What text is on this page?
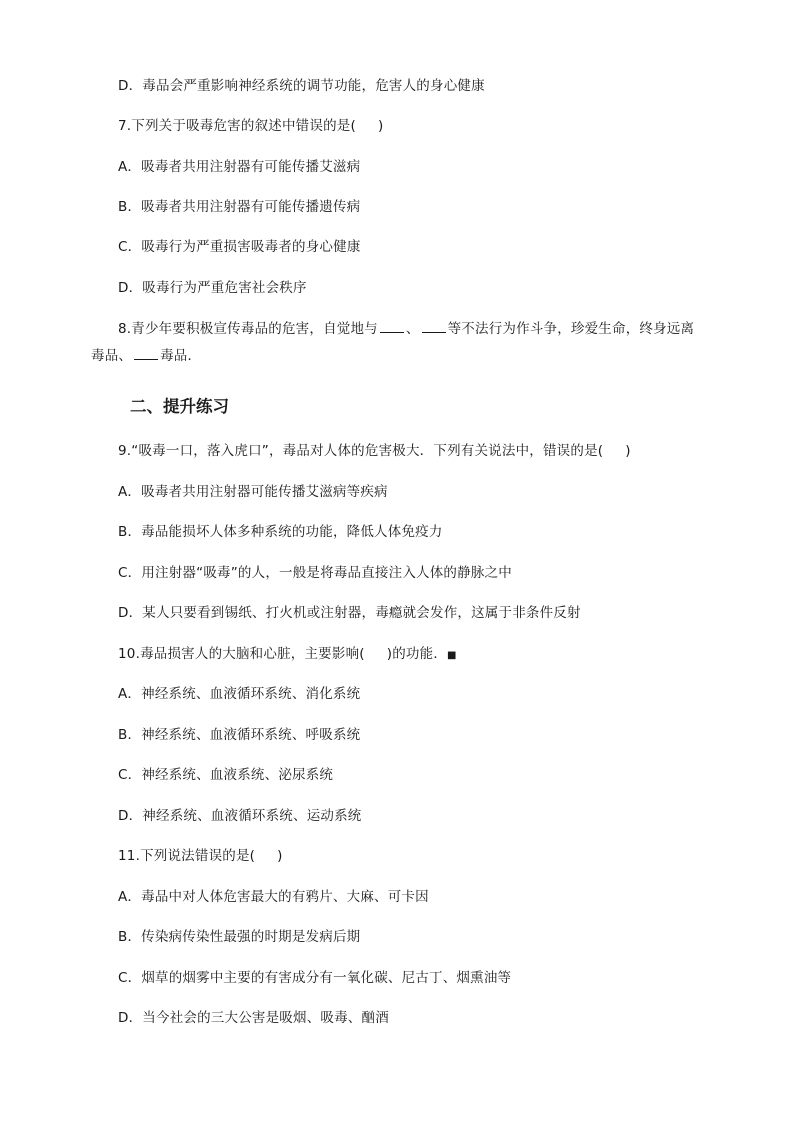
D．毒品会严重影响神经系统的调节功能，危害人的身心健康
7.下列关于吸毒危害的叙述中错误的是( )
A．吸毒者共用注射器有可能传播艾滋病
B．吸毒者共用注射器有可能传播遗传病
C．吸毒行为严重损害吸毒者的身心健康
D．吸毒行为严重危害社会秩序
8.青少年要积极宣传毒品的危害，自觉地与 、 等不法行为作斗争，珍爱生命，终身远离
毒品、 毒品．
二、提升练习
9.“吸毒一口，落入虎口”，毒品对人体的危害极大．下列有关说法中，错误的是( )
A．吸毒者共用注射器可能传播艾滋病等疾病
B．毒品能损坏人体多种系统的功能，降低人体免疫力
C．用注射器“吸毒”的人，一般是将毒品直接注入人体的静脉之中
D．某人只要看到锡纸、打火机或注射器，毒瘾就会发作，这属于非条件反射
10.毒品损害人的大脑和心脏，主要影响( )的功能．■
A．神经系统、血液循环系统、消化系统
B．神经系统、血液循环系统、呼吸系统
C．神经系统、血液系统、泌尿系统
D．神经系统、血液循环系统、运动系统
11.下列说法错误的是( )
A．毒品中对人体危害最大的有鸦片、大麻、可卡因
B．传染病传染性最强的时期是发病后期
C．烟草的烟雾中主要的有害成分有一氧化碳、尼古丁、烟熏油等
D．当今社会的三大公害是吸烟、吸毒、酗酒
